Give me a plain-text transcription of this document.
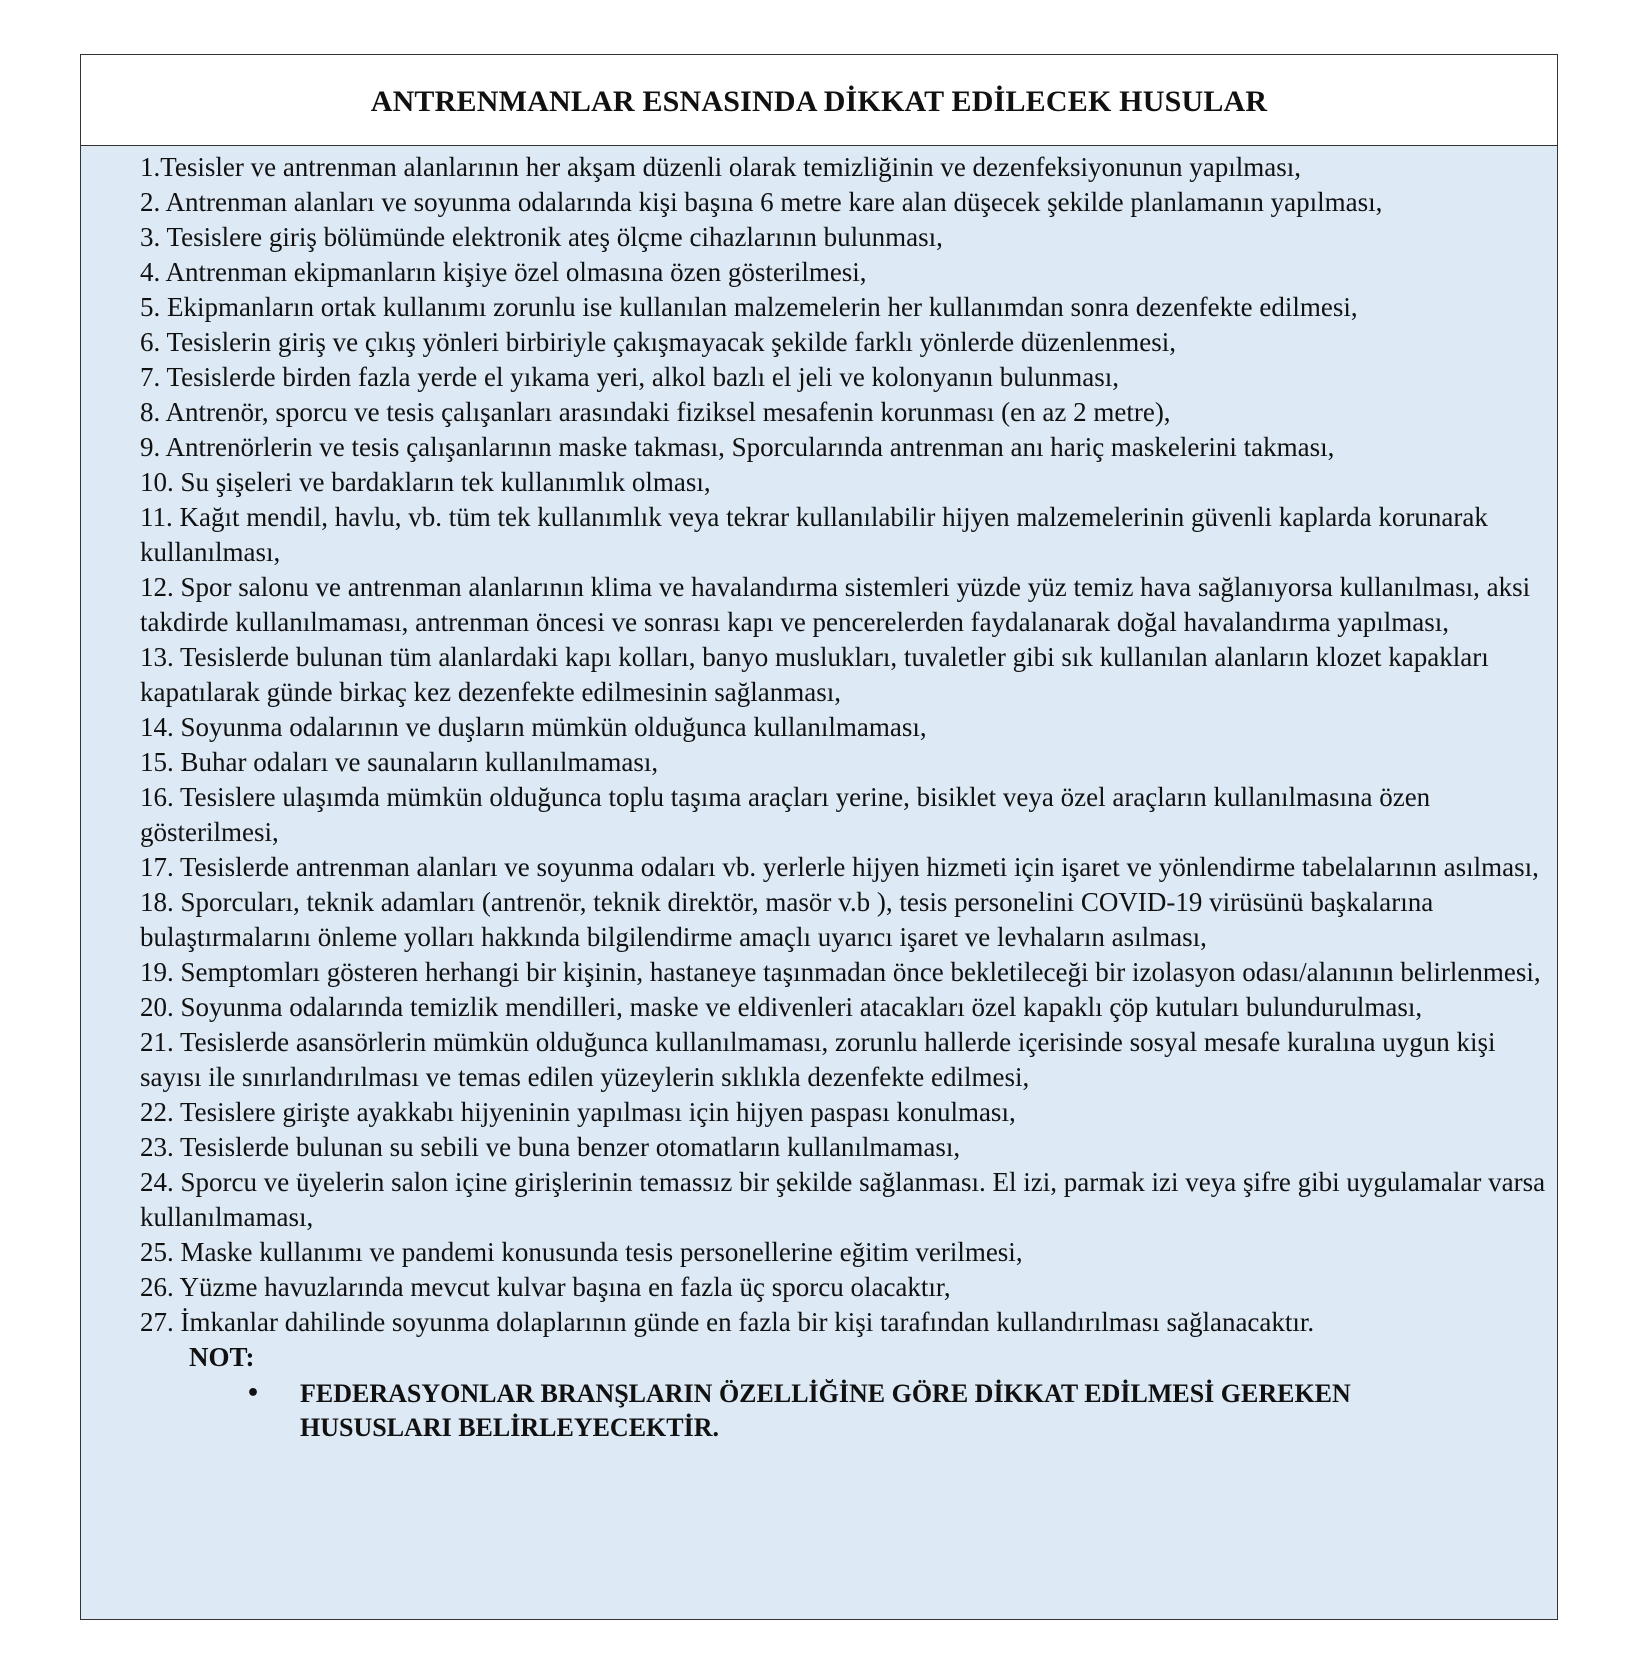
ANTRENMANLAR ESNASINDA DİKKAT EDİLECEK HUSULAR
1.Tesisler ve antrenman alanlarının her akşam düzenli olarak temizliğinin ve dezenfeksiyonunun yapılması,
2. Antrenman alanları ve soyunma odalarında kişi başına 6 metre kare alan düşecek şekilde planlamanın yapılması,
3. Tesislere giriş bölümünde elektronik ateş ölçme cihazlarının bulunması,
4. Antrenman ekipmanların kişiye özel olmasına özen gösterilmesi,
5. Ekipmanların ortak kullanımı zorunlu ise kullanılan malzemelerin her kullanımdan sonra dezenfekte edilmesi,
6. Tesislerin giriş ve çıkış yönleri birbiriyle çakışmayacak şekilde farklı yönlerde düzenlenmesi,
7. Tesislerde birden fazla yerde el yıkama yeri, alkol bazlı el jeli ve kolonyanın bulunması,
8. Antrenör, sporcu ve tesis çalışanları arasındaki fiziksel mesafenin korunması (en az 2 metre),
9. Antrenörlerin ve tesis çalışanlarının maske takması, Sporcularında antrenman anı hariç maskelerini takması,
10. Su şişeleri ve bardakların tek kullanımlık olması,
11. Kağıt mendil, havlu, vb. tüm tek kullanımlık veya tekrar kullanılabilir hijyen malzemelerinin güvenli kaplarda korunarak kullanılması,
12. Spor salonu ve antrenman alanlarının klima ve havalandırma sistemleri yüzde yüz temiz hava sağlanıyorsa kullanılması, aksi takdirde kullanılmaması, antrenman öncesi ve sonrası kapı ve pencerelerden faydalanarak doğal havalandırma yapılması,
13. Tesislerde bulunan tüm alanlardaki kapı kolları, banyo muslukları, tuvaletler gibi sık kullanılan alanların klozet kapakları kapatılarak günde birkaç kez dezenfekte edilmesinin sağlanması,
14. Soyunma odalarının ve duşların mümkün olduğunca kullanılmaması,
15. Buhar odaları ve saunaların kullanılmaması,
16. Tesislere ulaşımda mümkün olduğunca toplu taşıma araçları yerine, bisiklet veya özel araçların kullanılmasına özen gösterilmesi,
17. Tesislerde antrenman alanları ve soyunma odaları vb. yerlerle hijyen hizmeti için işaret ve yönlendirme tabelalarının asılması,
18. Sporcuları, teknik adamları (antrenör, teknik direktör, masör v.b ), tesis personelini COVID-19 virüsünü başkalarına bulaştırmalarını önleme yolları hakkında bilgilendirme amaçlı uyarıcı işaret ve levhaların asılması,
19. Semptomları gösteren herhangi bir kişinin, hastaneye taşınmadan önce bekletileceği bir izolasyon odası/alanının belirlenmesi,
20. Soyunma odalarında temizlik mendilleri, maske ve eldivenleri atacakları özel kapaklı çöp kutuları bulundurulması,
21. Tesislerde asansörlerin mümkün olduğunca kullanılmaması, zorunlu hallerde içerisinde sosyal mesafe kuralına uygun kişi sayısı ile sınırlandırılması ve temas edilen yüzeylerin sıklıkla dezenfekte edilmesi,
22. Tesislere girişte ayakkabı hijyeninin yapılması için hijyen paspası konulması,
23. Tesislerde bulunan su sebili ve buna benzer otomatların kullanılmaması,
24. Sporcu ve üyelerin salon içine girişlerinin temassız bir şekilde sağlanması. El izi, parmak izi veya şifre gibi uygulamalar varsa kullanılmaması,
25. Maske kullanımı ve pandemi konusunda tesis personellerine eğitim verilmesi,
26. Yüzme havuzlarında mevcut kulvar başına en fazla üç sporcu olacaktır,
27. İmkanlar dahilinde soyunma dolaplarının günde en fazla bir kişi tarafından kullandırılması sağlanacaktır.

NOT:

• FEDERASYONLAR BRANŞLARIN ÖZELLİĞİNE GÖRE DİKKAT EDİLMESİ GEREKEN HUSUSLARI BELİRLEYECEKTİR.
